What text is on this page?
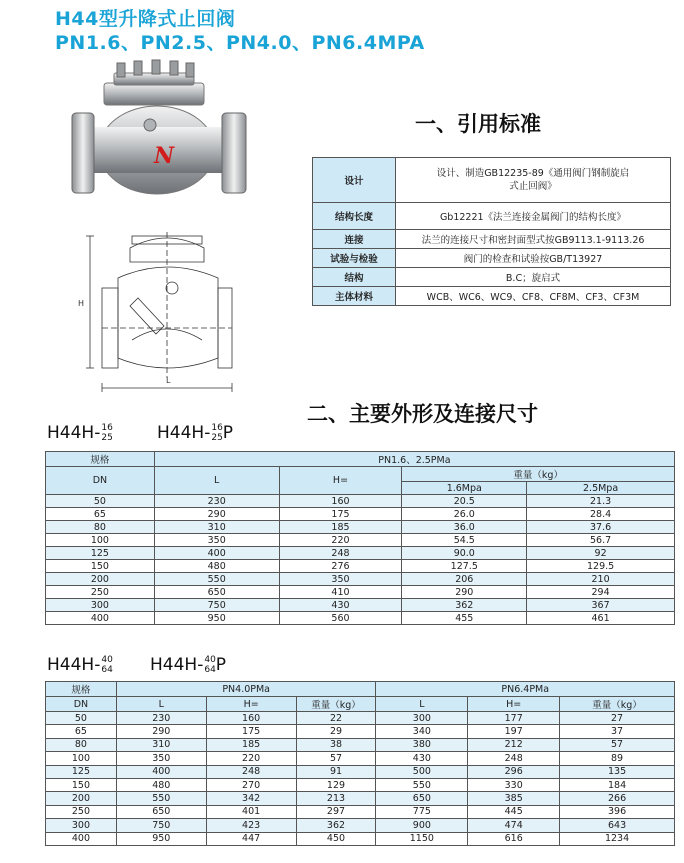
H44型升降式止回阀
PN1.6、PN2.5、PN4.0、PN6.4MPA
N
H
L
一、引用标准
设计	设计、制造GB12235-89《通用阀门钢制旋启
式止回阀》

结构长度	Gb12221《法兰连接金属阀门的结构长度》
连接	法兰的连接尺寸和密封面型式按GB9113.1-9113.26
试验与检验	阀门的检查和试验按GB/T13927
结构	B.C；旋启式
主体材料	WCB、WC6、WC9、CF8、CF8M、CF3、CF3M
二、主要外形及连接尺寸
H44H- 16
25	H44H- 16
25 P
规格	PN1.6、2.5PMa			
DN	L	H=	重量（kg）	
			1.6Mpa	2.5Mpa
50	230	160	20.5	21.3
65	290	175	26.0	28.4
80	310	185	36.0	37.6
100	350	220	54.5	56.7
125	400	248	90.0	92
150	480	276	127.5	129.5
200	550	350	206	210
250	650	410	290	294
300	750	430	362	367
400	950	560	455	461
H44H- 40
64 H44H- 40
64 P
规格	PN4.0PMa			PN6.4PMa		
DN	L	H=	重量（kg）	L	H=	重量（kg）
50	230	160	22	300	177	27
65	290	175	29	340	197	37
80	310	185	38	380	212	57
100	350	220	57	430	248	89
125	400	248	91	500	296	135
150	480	270	129	550	330	184
200	550	342	213	650	385	266
250	650	401	297	775	445	396
300	750	423	362	900	474	643
400	950	447	450	1150	616	1234
